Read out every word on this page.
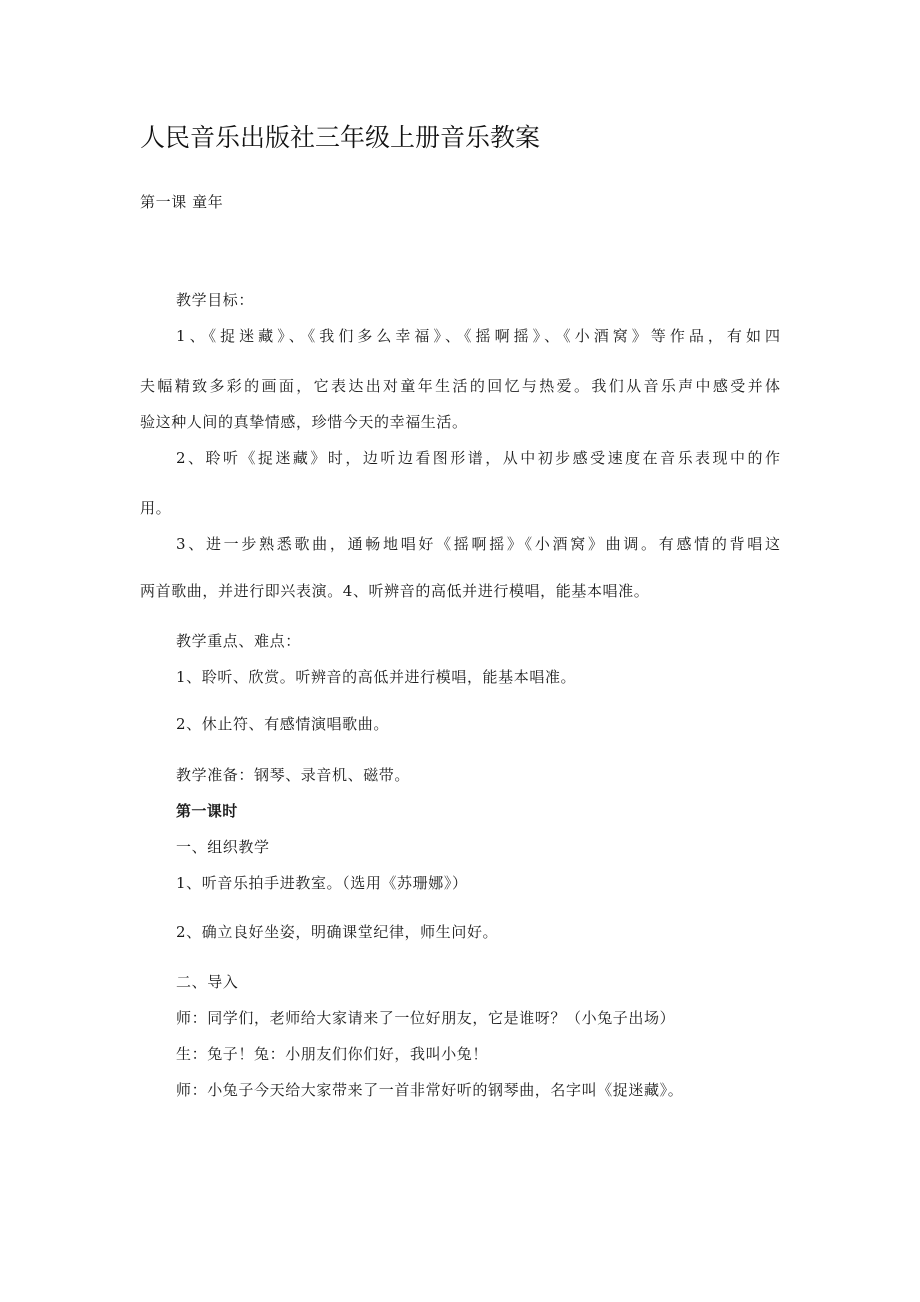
人民音乐出版社三年级上册音乐教案
第一课 童年
教学目标：
1、《捉迷藏》、《我们多么幸福》、《摇啊摇》、《小酒窝》等作品，有如四
夫幅精致多彩的画面，它表达出对童年生活的回忆与热爱。我们从音乐声中感受并体
验这种人间的真挚情感，珍惜今天的幸福生活。
2、聆听《捉迷藏》时，边听边看图形谱，从中初步感受速度在音乐表现中的作
用。
3、进一步熟悉歌曲，通畅地唱好《摇啊摇》《小酒窝》曲调。有感情的背唱这
两首歌曲，并进行即兴表演。4、听辨音的高低并进行模唱，能基本唱准。
教学重点、难点：
1、聆听、欣赏。听辨音的高低并进行模唱，能基本唱准。
2、休止符、有感情演唱歌曲。
教学准备：钢琴、录音机、磁带。
第一课时
一、组织教学
1、听音乐拍手进教室。（选用《苏珊娜》）
2、确立良好坐姿，明确课堂纪律，师生问好。
二、导入
师：同学们，老师给大家请来了一位好朋友，它是谁呀？（小兔子出场）
生：兔子！兔：小朋友们你们好，我叫小兔！
师：小兔子今天给大家带来了一首非常好听的钢琴曲，名字叫《捉迷藏》。
